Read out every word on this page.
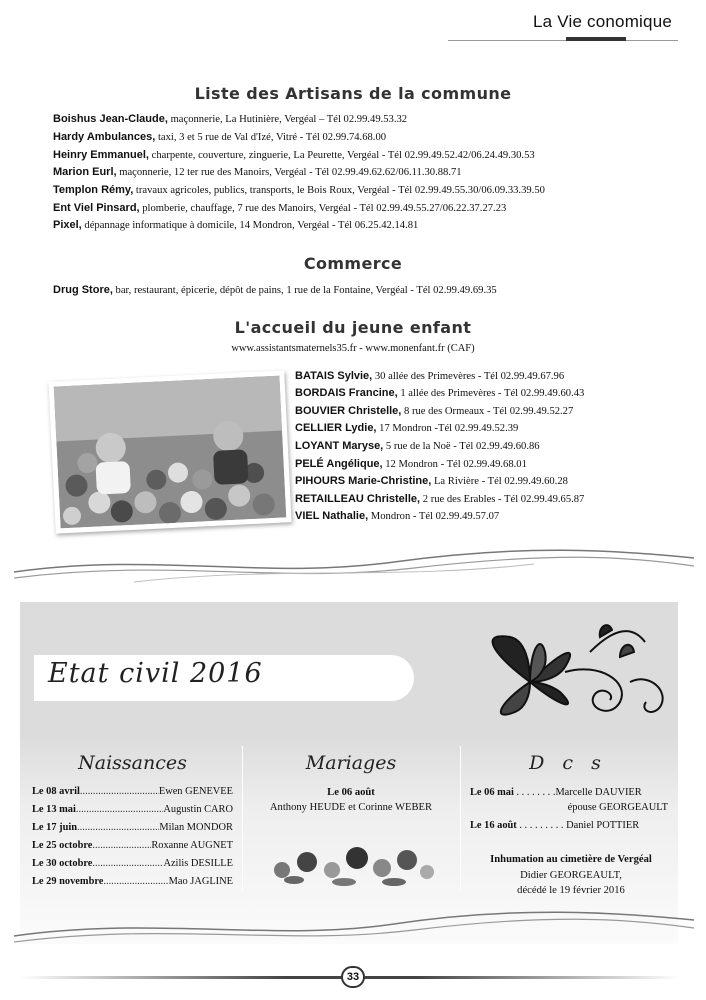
La Vie conomique
Liste des Artisans de la commune
Boishus Jean-Claude, maçonnerie, La Hutinière, Vergéal – Tél 02.99.49.53.32
Hardy Ambulances, taxi, 3 et 5 rue de Val d'Izé, Vitré - Tél 02.99.74.68.00
Heinry Emmanuel, charpente, couverture, zinguerie, La Peurette, Vergéal - Tél 02.99.49.52.42/06.24.49.30.53
Marion Eurl, maçonnerie, 12 ter rue des Manoirs, Vergéal - Tél 02.99.49.62.62/06.11.30.88.71
Templon Rémy, travaux agricoles, publics, transports, le Bois Roux, Vergéal - Tél 02.99.49.55.30/06.09.33.39.50
Ent Viel Pinsard, plomberie, chauffage, 7 rue des Manoirs, Vergéal - Tél 02.99.49.55.27/06.22.37.27.23
Pixel, dépannage informatique à domicile, 14 Mondron, Vergéal - Tél 06.25.42.14.81
Commerce
Drug Store, bar, restaurant, épicerie, dépôt de pains, 1 rue de la Fontaine, Vergéal - Tél 02.99.49.69.35
L'accueil du jeune enfant
www.assistantsmaternels35.fr - www.monenfant.fr (CAF)
BATAIS Sylvie, 30 allée des Primevères - Tél 02.99.49.67.96
BORDAIS Francine, 1 allée des Primevères - Tél 02.99.49.60.43
BOUVIER Christelle, 8 rue des Ormeaux - Tél 02.99.49.52.27
CELLIER Lydie, 17 Mondron -Tél 02.99.49.52.39
LOYANT Maryse, 5 rue de la Noë - Tél 02.99.49.60.86
PELÉ Angélique, 12 Mondron - Tél 02.99.49.68.01
PIHOURS Marie-Christine, La Rivière - Tél 02.99.49.60.28
RETAILLEAU Christelle, 2 rue des Erables - Tél 02.99.49.65.87
VIEL Nathalie, Mondron - Tél 02.99.49.57.07
Etat civil 2016
Naissances	Mariages	D c s
Le 08 avril .....	Ewen GENEVEE
Le 13 mai .....	Augustin CARO
Le 17 juin .....	Milan MONDOR
Le 25 octobre .....	Roxanne AUGNET
Le 30 octobre .....	Azilis DESILLE
Le 29 novembre .....	Mao JAGLINE
Le 06 août
Anthony HEUDE et Corinne WEBER
Le 06 mai . . . . . . . .Marcelle DAUVIER
épouse GEORGEAULT
Le 16 août . . . . . . . . . Daniel POTTIER
Inhumation au cimetière de Vergéal
Didier GEORGEAULT,
décédé le 19 février 2016
33
